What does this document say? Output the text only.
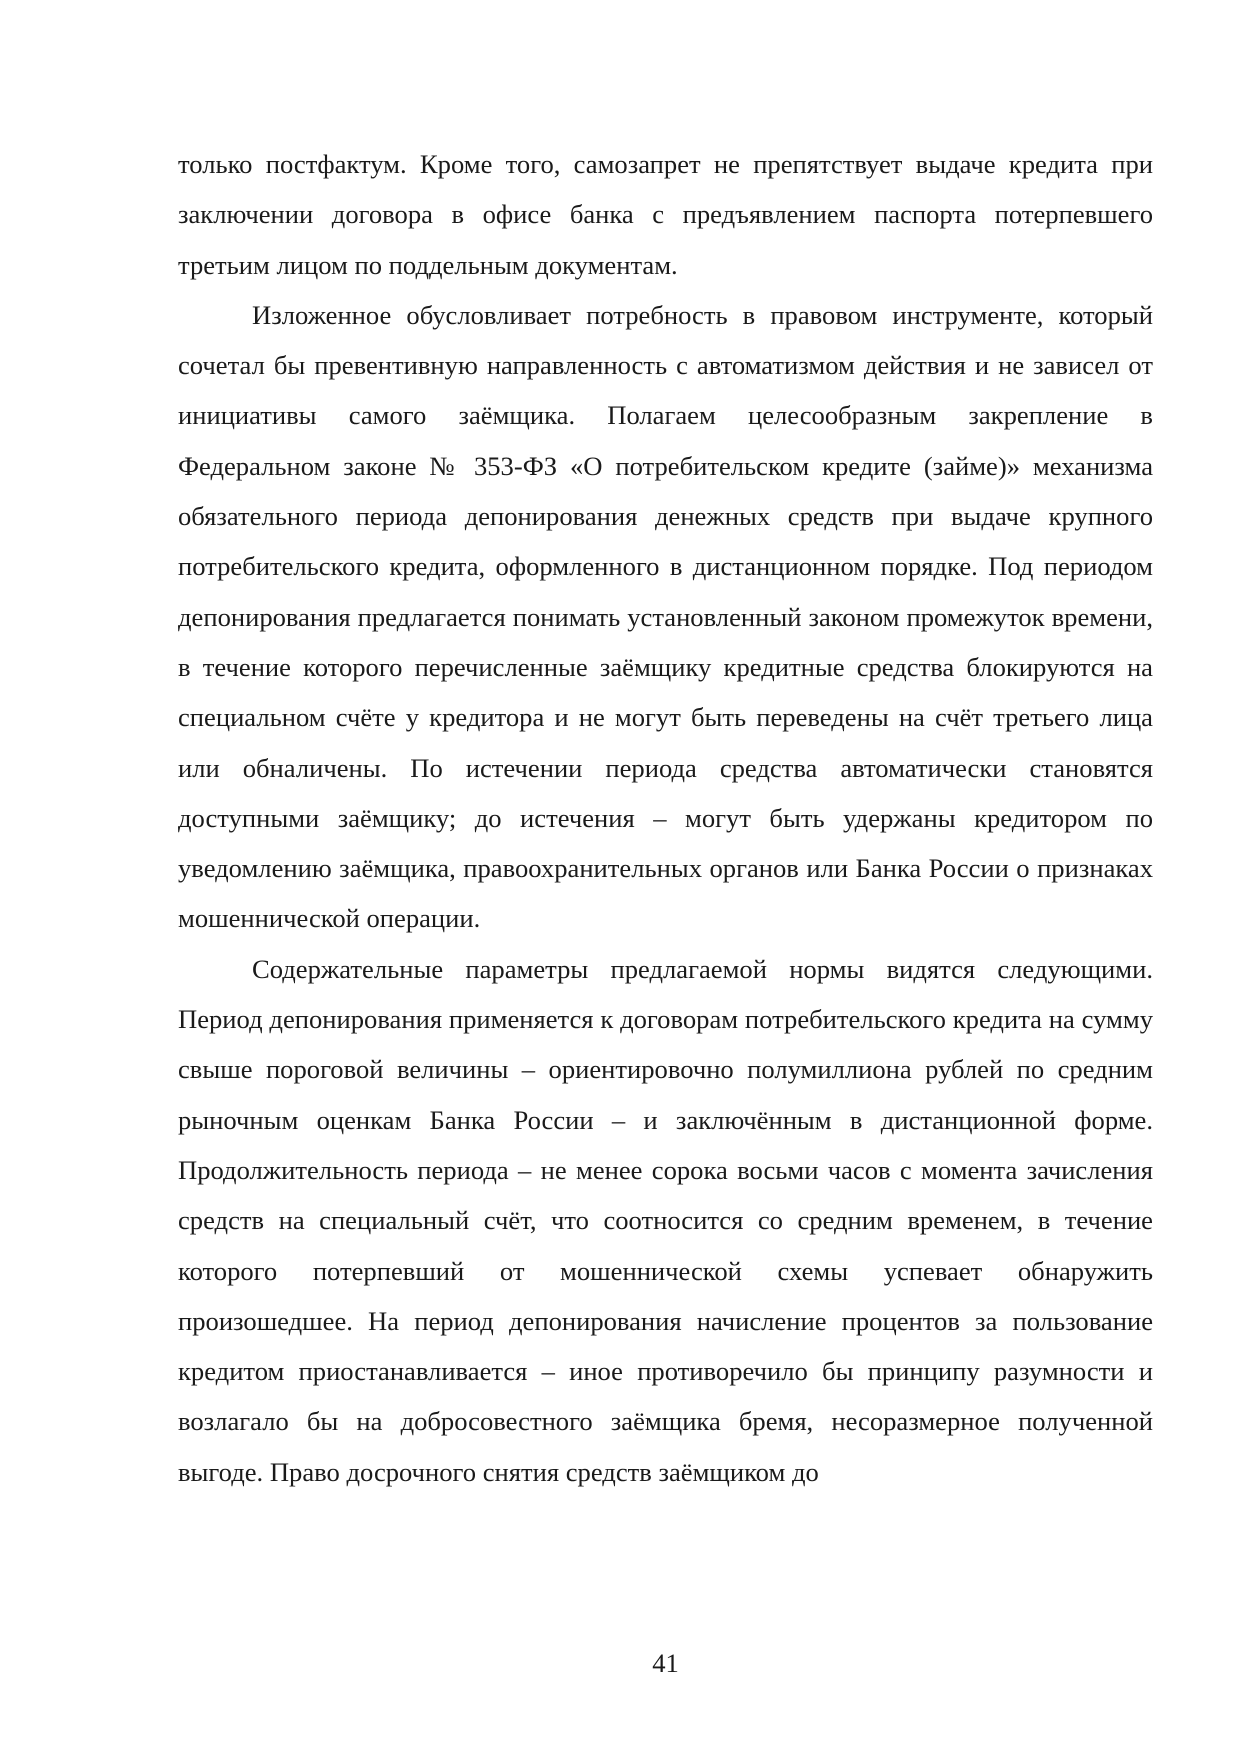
только постфактум. Кроме того, самозапрет не препятствует выдаче кредита при заключении договора в офисе банка с предъявлением паспорта потерпевшего третьим лицом по поддельным документам.

Изложенное обусловливает потребность в правовом инструменте, который сочетал бы превентивную направленность с автоматизмом действия и не зависел от инициативы самого заёмщика. Полагаем целесообразным закрепление в Федеральном законе № 353-ФЗ «О потребительском кредите (займе)» механизма обязательного периода депонирования денежных средств при выдаче крупного потребительского кредита, оформленного в дистанционном порядке. Под периодом депонирования предлагается понимать установленный законом промежуток времени, в течение которого перечисленные заёмщику кредитные средства блокируются на специальном счёте у кредитора и не могут быть переведены на счёт третьего лица или обналичены. По истечении периода средства автоматически становятся доступными заёмщику; до истечения – могут быть удержаны кредитором по уведомлению заёмщика, правоохранительных органов или Банка России о признаках мошеннической операции.

Содержательные параметры предлагаемой нормы видятся следующими. Период депонирования применяется к договорам потребительского кредита на сумму свыше пороговой величины – ориентировочно полумиллиона рублей по средним рыночным оценкам Банка России – и заключённым в дистанционной форме. Продолжительность периода – не менее сорока восьми часов с момента зачисления средств на специальный счёт, что соотносится со средним временем, в течение которого потерпевший от мошеннической схемы успевает обнаружить произошедшее. На период депонирования начисление процентов за пользование кредитом приостанавливается – иное противоречило бы принципу разумности и возлагало бы на добросовестного заёмщика бремя, несоразмерное полученной выгоде. Право досрочного снятия средств заёмщиком до

41
